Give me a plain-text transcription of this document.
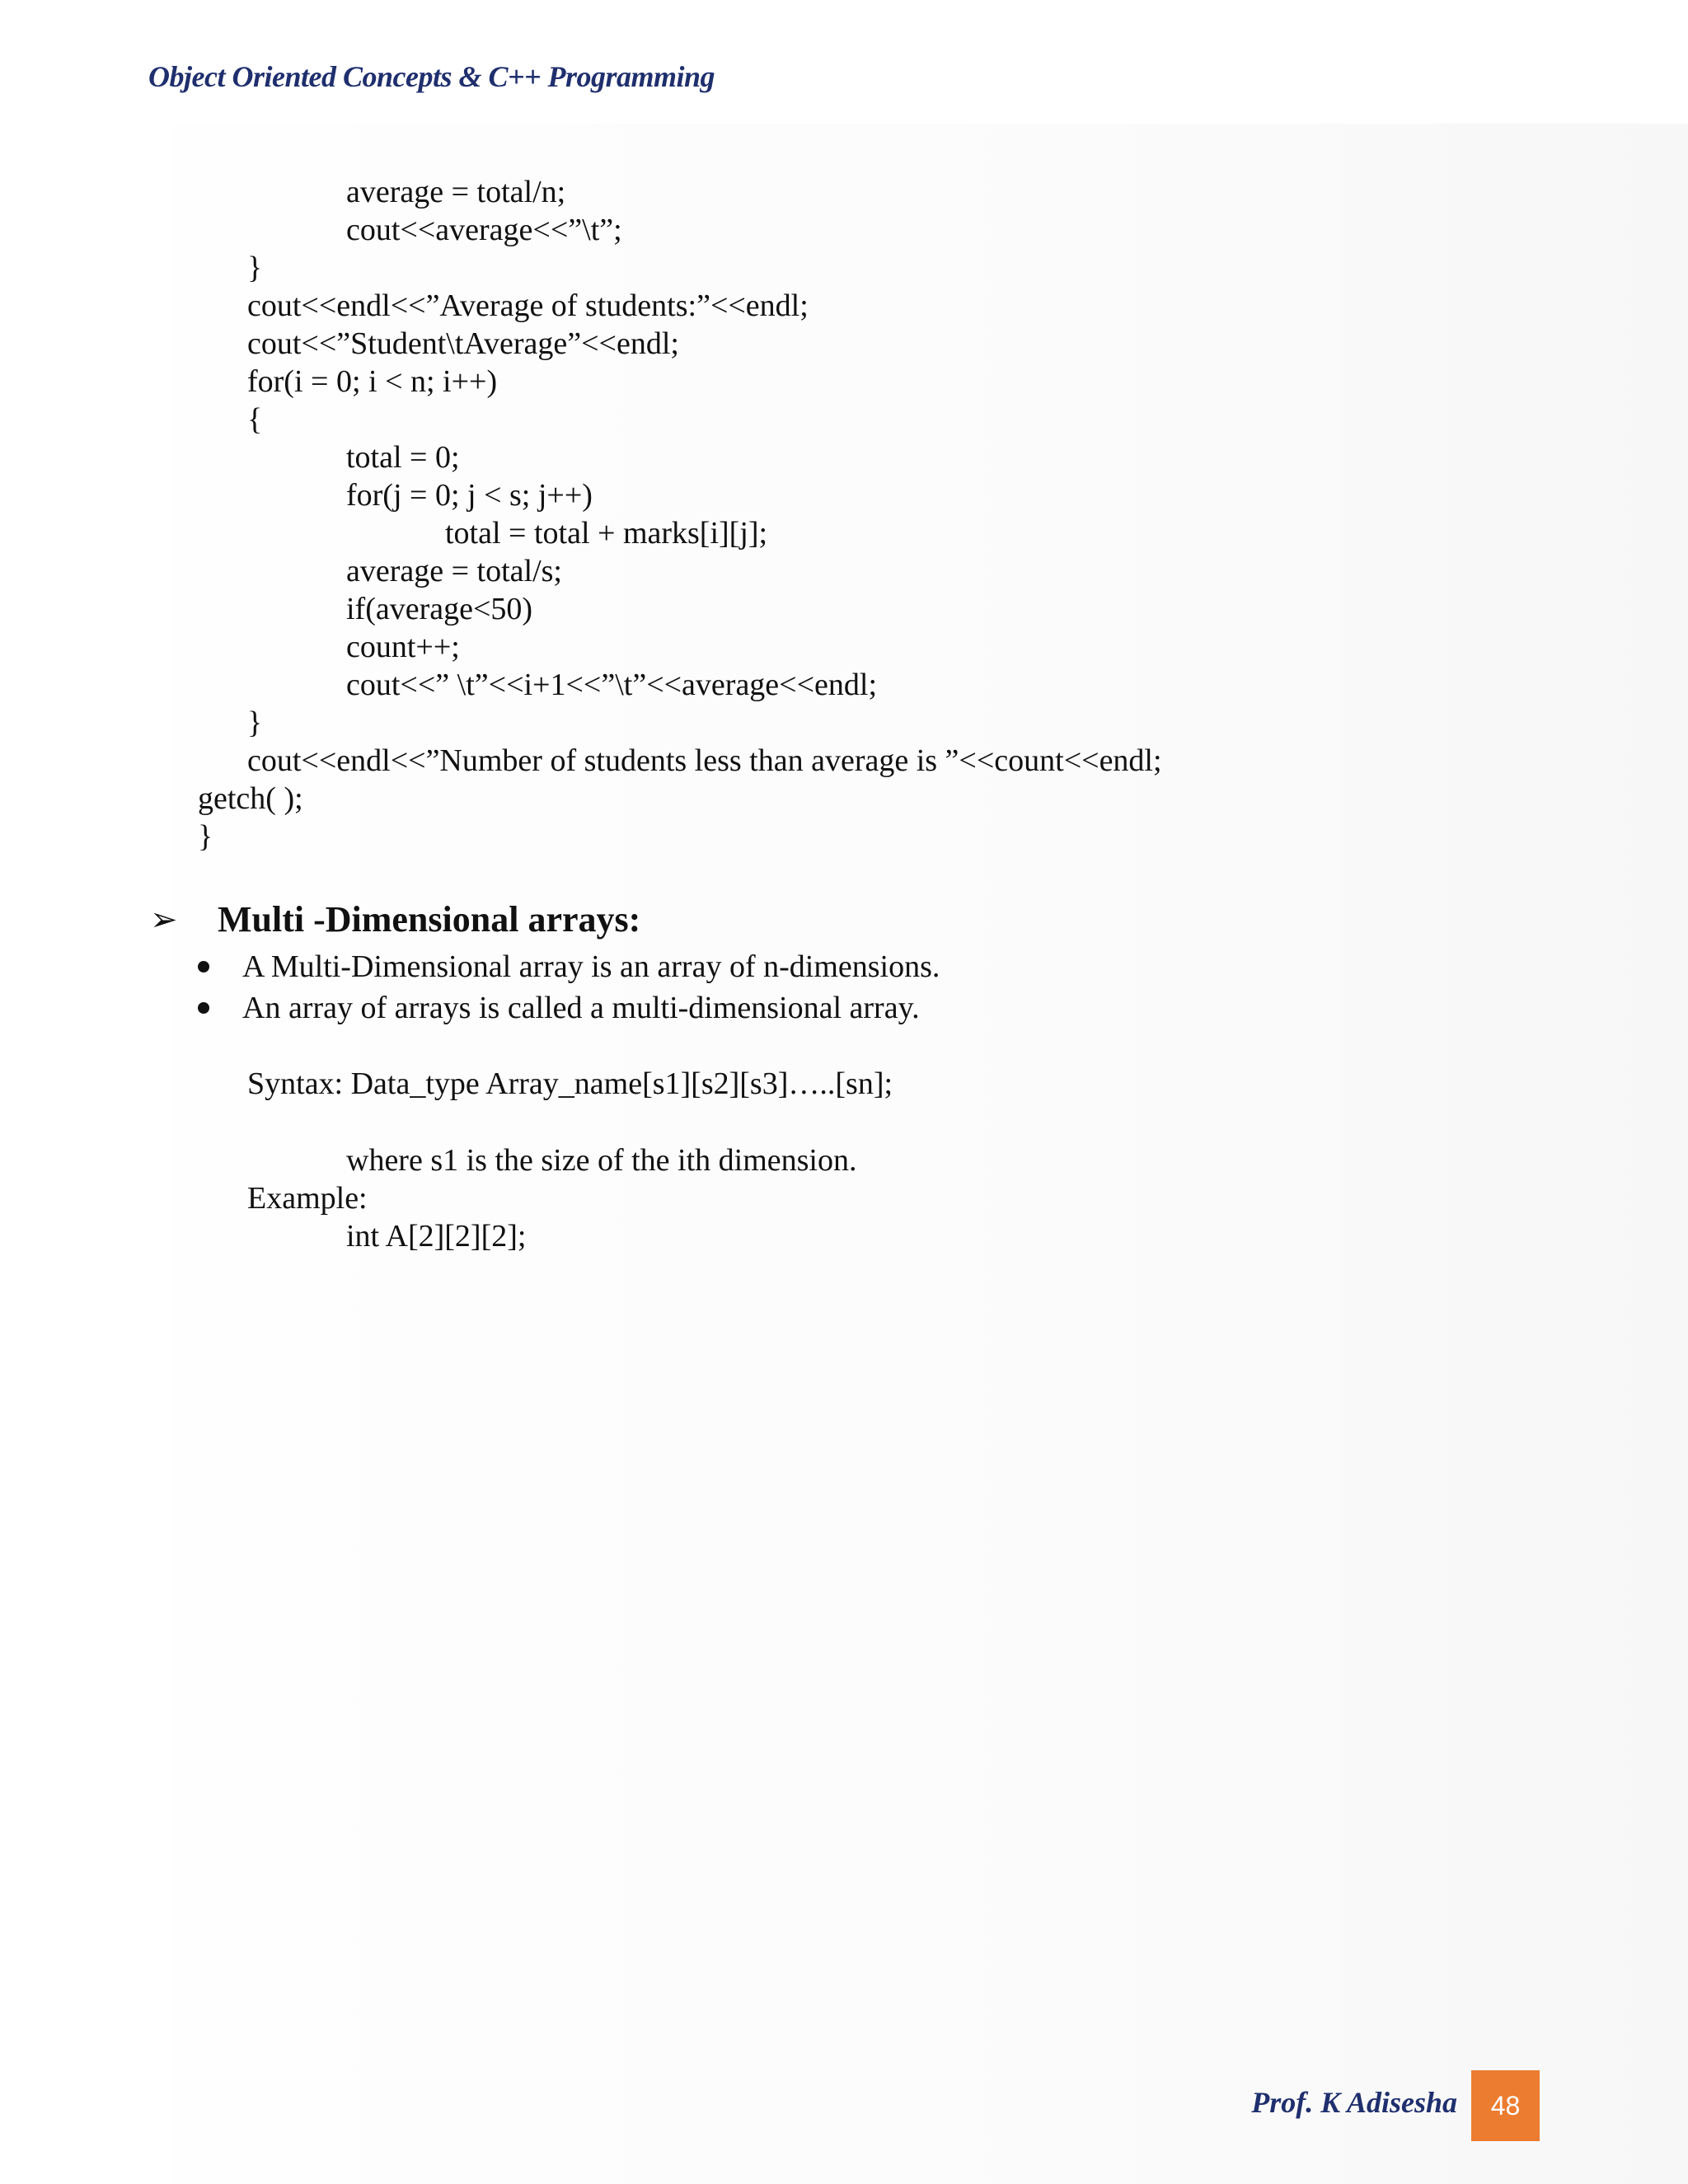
Object Oriented Concepts & C++ Programming
average = total/n;
cout<<average<<”\t”;
}
cout<<endl<<”Average of students:”<<endl;
cout<<”Student\tAverage”<<endl;
for(i = 0; i < n; i++)
{
total = 0;
for(j = 0; j < s; j++)
total = total + marks[i][j];
average = total/s;
if(average<50)
count++;
cout<<” \t”<<i+1<<”\t”<<average<<endl;
}
cout<<endl<<”Number of students less than average is ”<<count<<endl;
getch( );
}
➢	Multi -Dimensional arrays:
A Multi-Dimensional array is an array of n-dimensions.
An array of arrays is called a multi-dimensional array.
Syntax: Data_type Array_name[s1][s2][s3]…..[sn];
where s1 is the size of the ith dimension.
Example:
int A[2][2][2];
Prof. K Adisesha 48
